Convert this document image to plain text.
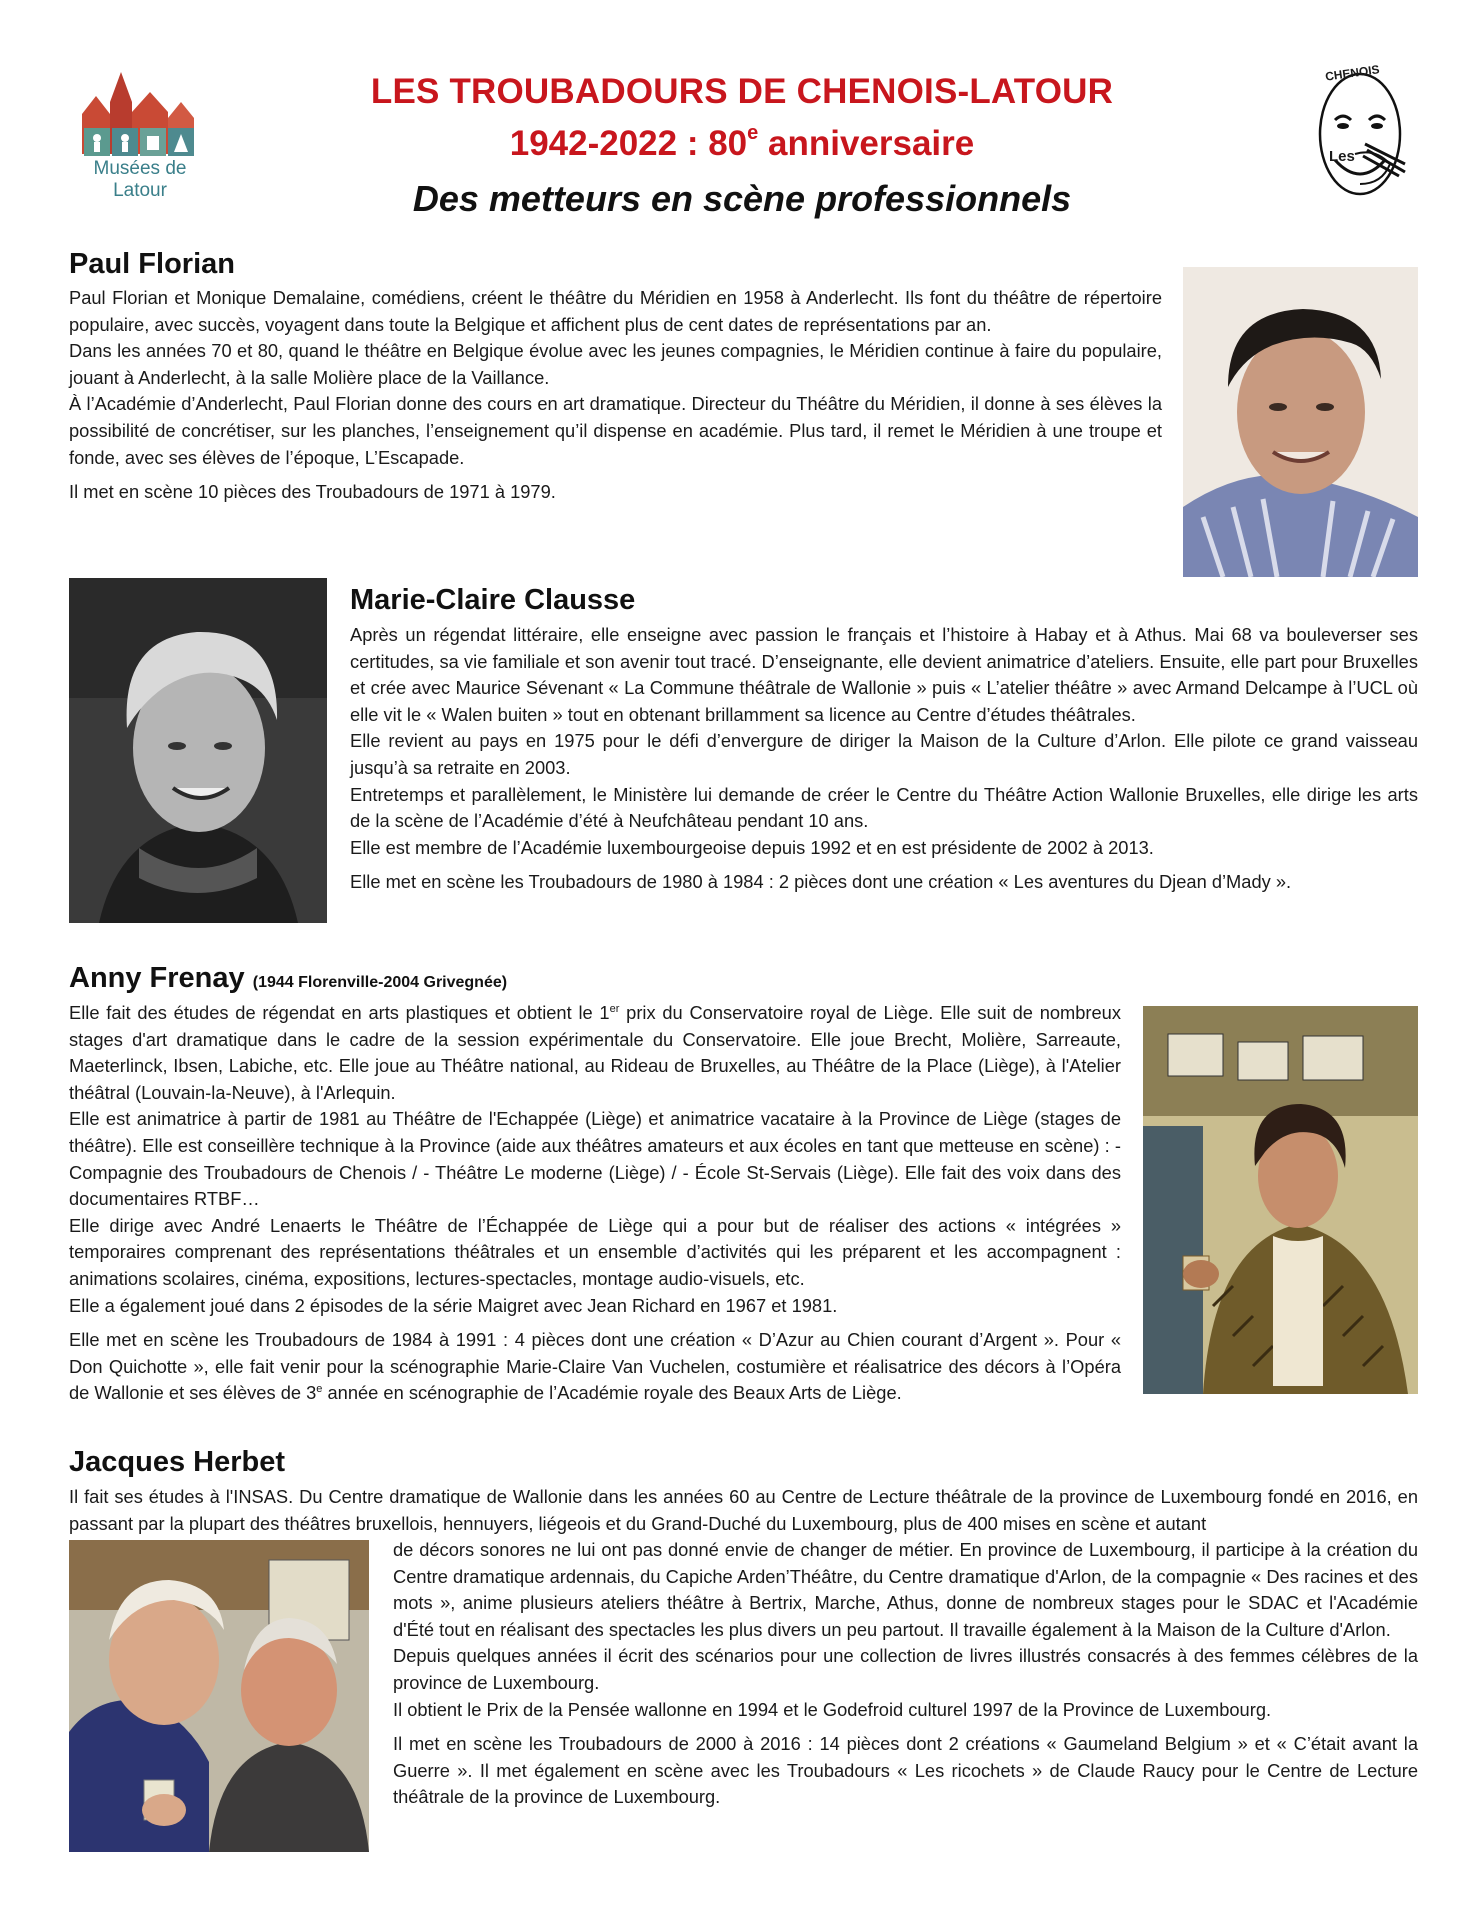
Musées de Latour
CHENOIS
Les
LES TROUBADOURS DE CHENOIS-LATOUR
1942-2022 : 80e anniversaire
Des metteurs en scène professionnels
Paul Florian

Paul Florian et Monique Demalaine, comédiens, créent le théâtre du Méridien en 1958 à Anderlecht. Ils font du théâtre de répertoire populaire, avec succès, voyagent dans toute la Belgique et affichent plus de cent dates de représentations par an.

Dans les années 70 et 80, quand le théâtre en Belgique évolue avec les jeunes compagnies, le Méridien continue à faire du populaire, jouant à Anderlecht, à la salle Molière place de la Vaillance.

À l’Académie d’Anderlecht, Paul Florian donne des cours en art dramatique. Directeur du Théâtre du Méridien, il donne à ses élèves la possibilité de concrétiser, sur les planches, l’enseignement qu’il dispense en académie. Plus tard, il remet le Méridien à une troupe et fonde, avec ses élèves de l’époque, L’Escapade.

Il met en scène 10 pièces des Troubadours de 1971 à 1979.

Marie-Claire Clausse

Après un régendat littéraire, elle enseigne avec passion le français et l’histoire à Habay et à Athus. Mai 68 va bouleverser ses certitudes, sa vie familiale et son avenir tout tracé. D’enseignante, elle devient animatrice d’ateliers. Ensuite, elle part pour Bruxelles et crée avec Maurice Sévenant « La Commune théâtrale de Wallonie » puis « L’atelier théâtre » avec Armand Delcampe à l’UCL où elle vit le « Walen buiten » tout en obtenant brillamment sa licence au Centre d’études théâtrales.

Elle revient au pays en 1975 pour le défi d’envergure de diriger la Maison de la Culture d’Arlon. Elle pilote ce grand vaisseau jusqu’à sa retraite en 2003.

Entretemps et parallèlement, le Ministère lui demande de créer le Centre du Théâtre Action Wallonie Bruxelles, elle dirige les arts de la scène de l’Académie d’été à Neufchâteau pendant 10 ans.

Elle est membre de l’Académie luxembourgeoise depuis 1992 et en est présidente de 2002 à 2013.

Elle met en scène les Troubadours de 1980 à 1984 : 2 pièces dont une création « Les aventures du Djean d’Mady ».

Anny Frenay (1944 Florenville-2004 Grivegnée)

Elle fait des études de régendat en arts plastiques et obtient le 1er prix du Conservatoire royal de Liège. Elle suit de nombreux stages d'art dramatique dans le cadre de la session expérimentale du Conservatoire. Elle joue Brecht, Molière, Sarreaute, Maeterlinck, Ibsen, Labiche, etc. Elle joue au Théâtre national, au Rideau de Bruxelles, au Théâtre de la Place (Liège), à l'Atelier théâtral (Louvain-la-Neuve), à l'Arlequin.

Elle est animatrice à partir de 1981 au Théâtre de l'Echappée (Liège) et animatrice vacataire à la Province de Liège (stages de théâtre). Elle est conseillère technique à la Province (aide aux théâtres amateurs et aux écoles en tant que metteuse en scène) : - Compagnie des Troubadours de Chenois / - Théâtre Le moderne (Liège) / - École St-Servais (Liège). Elle fait des voix dans des documentaires RTBF…

Elle dirige avec André Lenaerts le Théâtre de l’Échappée de Liège qui a pour but de réaliser des actions « intégrées » temporaires comprenant des représentations théâtrales et un ensemble d’activités qui les préparent et les accompagnent : animations scolaires, cinéma, expositions, lectures-spectacles, montage audio-visuels, etc.

Elle a également joué dans 2 épisodes de la série Maigret avec Jean Richard en 1967 et 1981.

Elle met en scène les Troubadours de 1984 à 1991 : 4 pièces dont une création « D’Azur au Chien courant d’Argent ». Pour « Don Quichotte », elle fait venir pour la scénographie Marie-Claire Van Vuchelen, costumière et réalisatrice des décors à l’Opéra de Wallonie et ses élèves de 3e année en scénographie de l’Académie royale des Beaux Arts de Liège.

Jacques Herbet
Il fait ses études à l'INSAS. Du Centre dramatique de Wallonie dans les années 60 au Centre de Lecture théâtrale de la province de Luxembourg fondé en 2016, en passant par la plupart des théâtres bruxellois, hennuyers, liégeois et du Grand-Duché du Luxembourg, plus de 400 mises en scène et autant

de décors sonores ne lui ont pas donné envie de changer de métier. En province de Luxembourg, il participe à la création du Centre dramatique ardennais, du Capiche Arden’Théâtre, du Centre dramatique d'Arlon, de la compagnie « Des racines et des mots », anime plusieurs ateliers théâtre à Bertrix, Marche, Athus, donne de nombreux stages pour le SDAC et l'Académie d'Été tout en réalisant des spectacles les plus divers un peu partout. Il travaille également à la Maison de la Culture d'Arlon.

Depuis quelques années il écrit des scénarios pour une collection de livres illustrés consacrés à des femmes célèbres de la province de Luxembourg.

Il obtient le Prix de la Pensée wallonne en 1994 et le Godefroid culturel 1997 de la Province de Luxembourg.

Il met en scène les Troubadours de 2000 à 2016 : 14 pièces dont 2 créations « Gaumeland Belgium » et « C’était avant la Guerre ». Il met également en scène avec les Troubadours « Les ricochets » de Claude Raucy pour le Centre de Lecture théâtrale de la province de Luxembourg.
